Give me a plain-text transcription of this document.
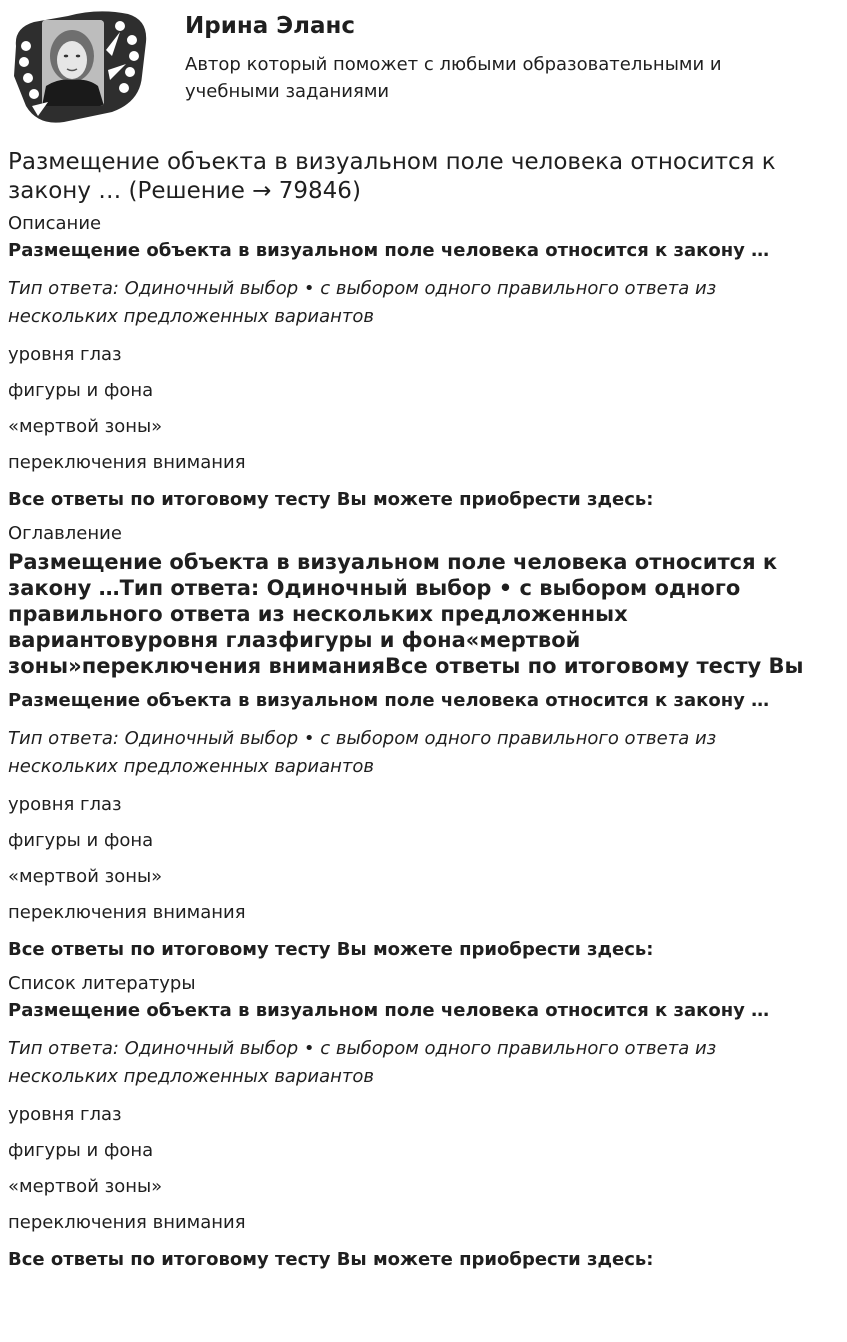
Ирина Эланс

Автор который поможет с любыми образовательными и учебными заданиями

Размещение объекта в визуальном поле человека относится к закону … (Решение → 79846)
Описание
Размещение объекта в визуальном поле человека относится к закону …
Тип ответа: Одиночный выбор • с выбором одного правильного ответа из нескольких предложенных вариантов
уровня глаз
фигуры и фона
«мертвой зоны»
переключения внимания
Все ответы по итоговому тесту Вы можете приобрести здесь:
Оглавление
Размещение объекта в визуальном поле человека относится к закону …Тип ответа: Одиночный выбор • с выбором одного правильного ответа из нескольких предложенных вариантовуровня глазфигуры и фона«мертвой зоны»переключения вниманияВсе ответы по итоговому тесту Вы
Размещение объекта в визуальном поле человека относится к закону …
Тип ответа: Одиночный выбор • с выбором одного правильного ответа из нескольких предложенных вариантов
уровня глаз
фигуры и фона
«мертвой зоны»
переключения внимания
Все ответы по итоговому тесту Вы можете приобрести здесь:
Список литературы
Размещение объекта в визуальном поле человека относится к закону …
Тип ответа: Одиночный выбор • с выбором одного правильного ответа из нескольких предложенных вариантов
уровня глаз
фигуры и фона
«мертвой зоны»
переключения внимания
Все ответы по итоговому тесту Вы можете приобрести здесь:
